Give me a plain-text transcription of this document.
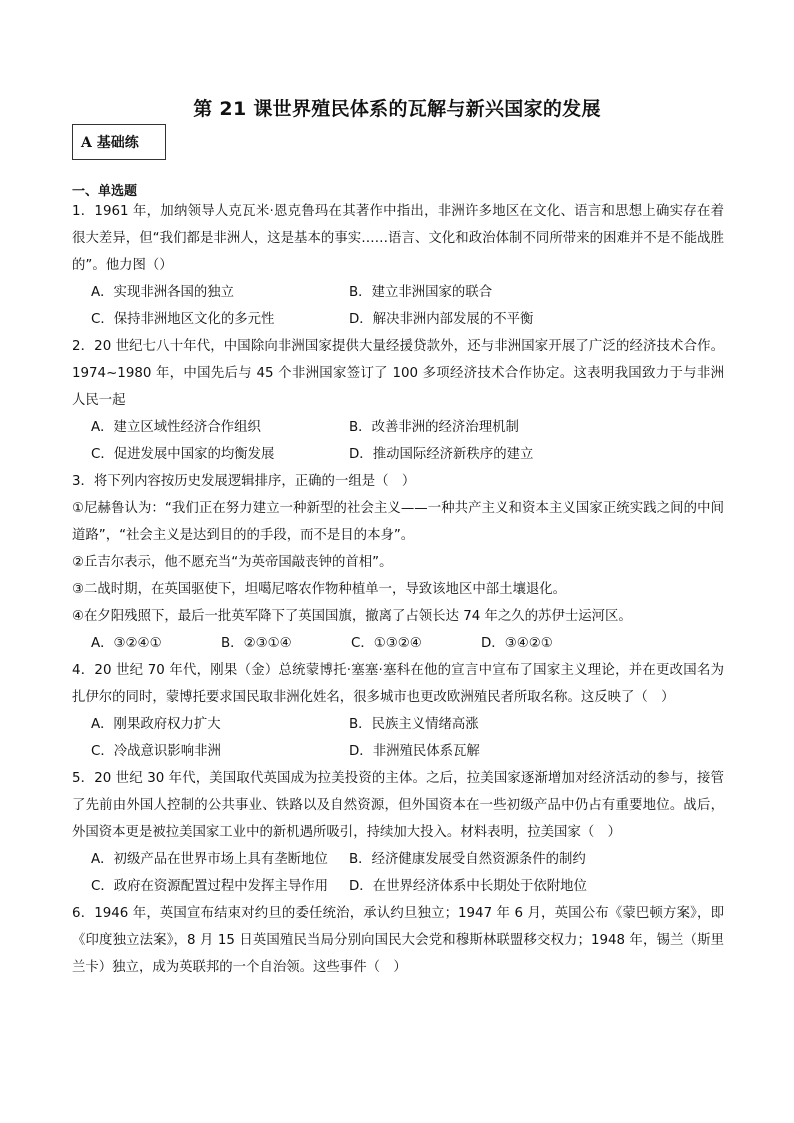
第 21 课世界殖民体系的瓦解与新兴国家的发展
A 基础练
一、单选题
1．1961 年，加纳领导人克瓦米·恩克鲁玛在其著作中指出，非洲许多地区在文化、语言和思想上确实存在着很大差异，但“我们都是非洲人，这是基本的事实……语言、文化和政治体制不同所带来的困难并不是不能战胜的”。他力图（）
A．实现非洲各国的独立	B．建立非洲国家的联合
C．保持非洲地区文化的多元性	D．解决非洲内部发展的不平衡
2．20 世纪七八十年代，中国除向非洲国家提供大量经援贷款外，还与非洲国家开展了广泛的经济技术合作。1974~1980 年，中国先后与 45 个非洲国家签订了 100 多项经济技术合作协定。这表明我国致力于与非洲人民一起
A．建立区域性经济合作组织	B．改善非洲的经济治理机制
C．促进发展中国家的均衡发展	D．推动国际经济新秩序的建立
3．将下列内容按历史发展逻辑排序，正确的一组是（　）
①尼赫鲁认为：“我们正在努力建立一种新型的社会主义——一种共产主义和资本主义国家正统实践之间的中间道路”，“社会主义是达到目的的手段，而不是目的本身”。
②丘吉尔表示，他不愿充当“为英帝国敲丧钟的首相”。
③二战时期，在英国驱使下，坦噶尼喀农作物种植单一，导致该地区中部土壤退化。
④在夕阳残照下，最后一批英军降下了英国国旗，撤离了占领长达 74 年之久的苏伊士运河区。
A．③②④①	B．②③①④	C．①③②④	D．③④②①
4．20 世纪 70 年代，刚果（金）总统蒙博托·塞塞·塞科在他的宣言中宣布了国家主义理论，并在更改国名为扎伊尔的同时，蒙博托要求国民取非洲化姓名，很多城市也更改欧洲殖民者所取名称。这反映了（　）
A．刚果政府权力扩大	B．民族主义情绪高涨
C．冷战意识影响非洲	D．非洲殖民体系瓦解
5．20 世纪 30 年代，美国取代英国成为拉美投资的主体。之后，拉美国家逐渐增加对经济活动的参与，接管了先前由外国人控制的公共事业、铁路以及自然资源，但外国资本在一些初级产品中仍占有重要地位。战后，外国资本更是被拉美国家工业中的新机遇所吸引，持续加大投入。材料表明，拉美国家（　）
A．初级产品在世界市场上具有垄断地位	B．经济健康发展受自然资源条件的制约
C．政府在资源配置过程中发挥主导作用	D．在世界经济体系中长期处于依附地位
6．1946 年，英国宣布结束对约旦的委任统治，承认约旦独立；1947 年 6 月，英国公布《蒙巴顿方案》，即《印度独立法案》，8 月 15 日英国殖民当局分别向国民大会党和穆斯林联盟移交权力；1948 年，锡兰（斯里兰卡）独立，成为英联邦的一个自治领。这些事件（　）
